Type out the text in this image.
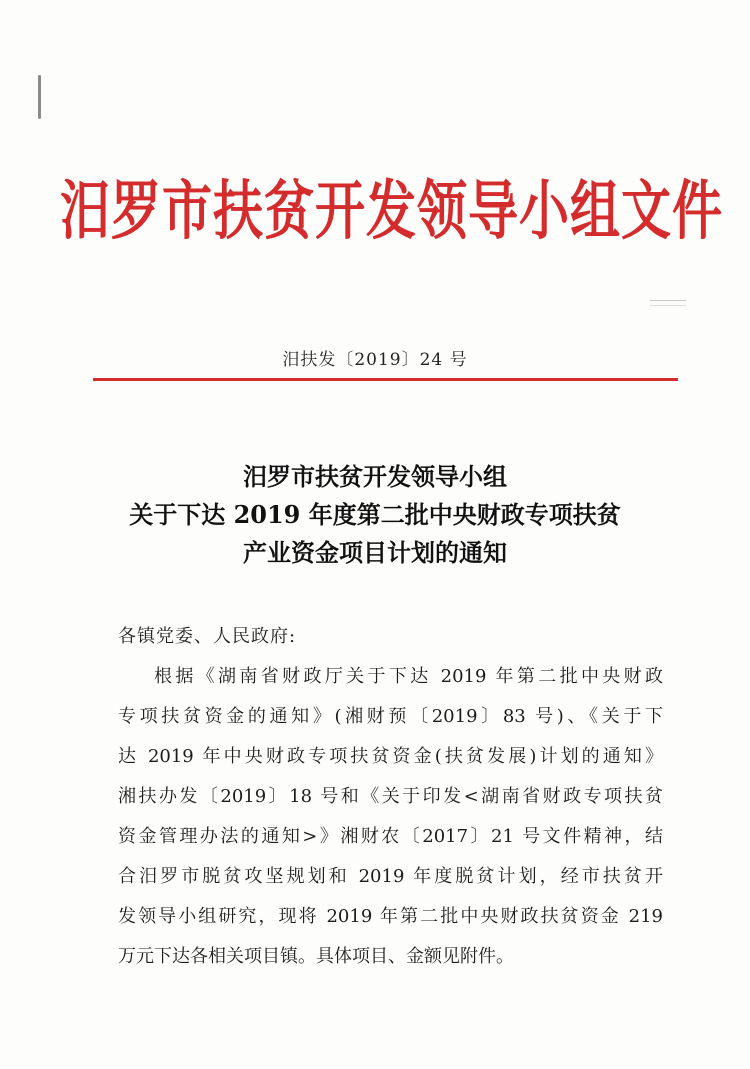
汨罗市扶贫开发领导小组文件
汨扶发〔2019〕24 号
汨罗市扶贫开发领导小组
关于下达 2019 年度第二批中央财政专项扶贫
产业资金项目计划的通知
各镇党委、人民政府:
根据《湖南省财政厅关于下达 2019 年第二批中央财政
专项扶贫资金的通知》(湘财预〔2019〕83 号)、《关于下
达 2019 年中央财政专项扶贫资金(扶贫发展)计划的通知》
湘扶办发〔2019〕18 号和《关于印发<湖南省财政专项扶贫
资金管理办法的通知>》湘财农〔2017〕21 号文件精神，结
合汨罗市脱贫攻坚规划和 2019 年度脱贫计划，经市扶贫开
发领导小组研究，现将 2019 年第二批中央财政扶贫资金 219
万元下达各相关项目镇。具体项目、金额见附件。
